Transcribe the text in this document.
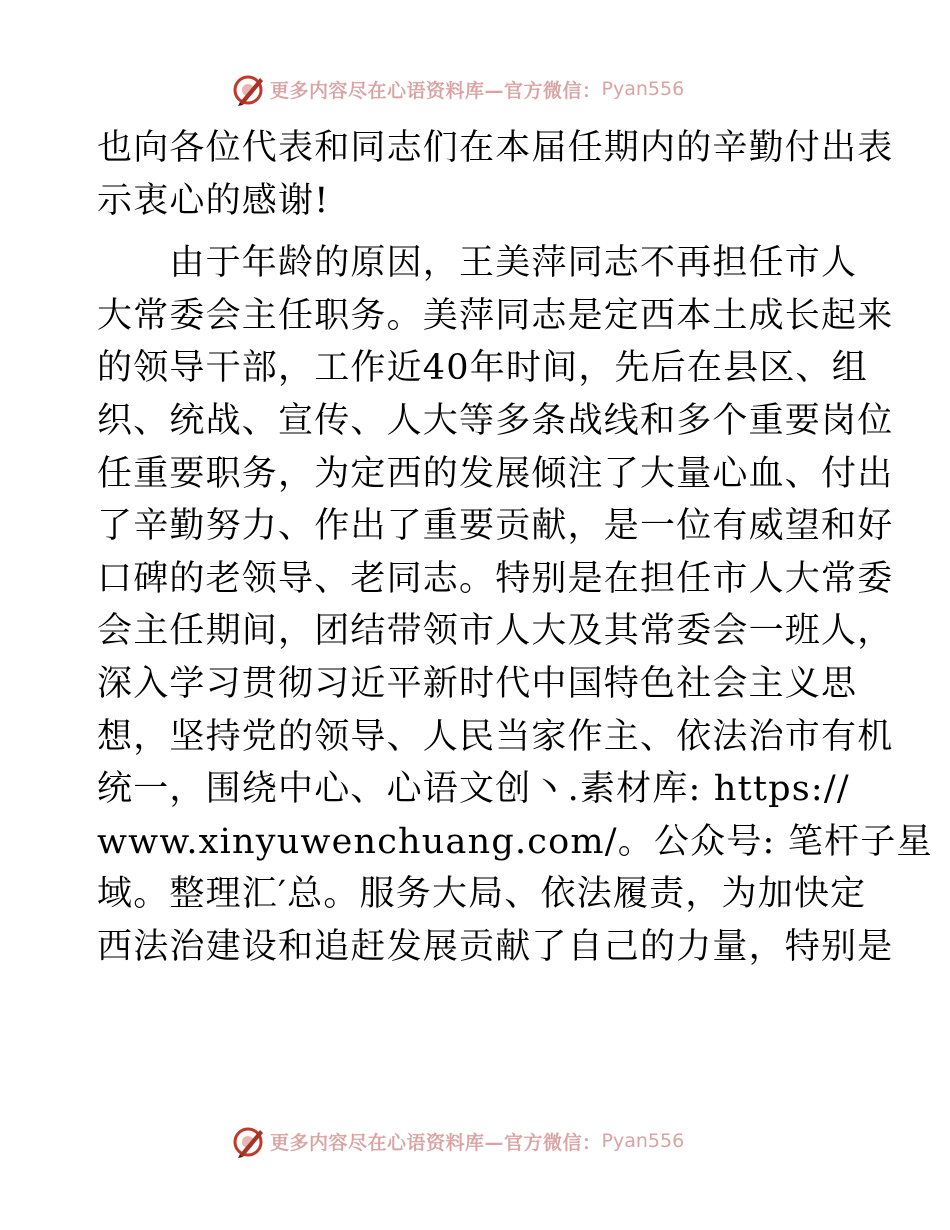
更多内容尽在心语资料库—官方微信： Pyan556
也向各位代表和同志们在本届任期内的辛勤付出表
示衷心的感谢!
　　由于年龄的原因，王美萍同志不再担任市人
大常委会主任职务。美萍同志是定西本土成长起来
的领导干部，工作近40年时间，先后在县区、组
织、统战、宣传、人大等多条战线和多个重要岗位
任重要职务，为定西的发展倾注了大量心血、付出
了辛勤努力、作出了重要贡献，是一位有威望和好
口碑的老领导、老同志。特别是在担任市人大常委
会主任期间，团结带领市人大及其常委会一班人，
深入学习贯彻习近平新时代中国特色社会主义思
想，坚持党的领导、人民当家作主、依法治市有机
统一，围绕中心、心语文创丶.素材库: https://
www.xinyuwenchuang.com/。公众号: 笔杆子星
域。整理汇′总。服务大局、依法履责，为加快定
西法治建设和追赶发展贡献了自己的力量，特别是
更多内容尽在心语资料库—官方微信： Pyan556
